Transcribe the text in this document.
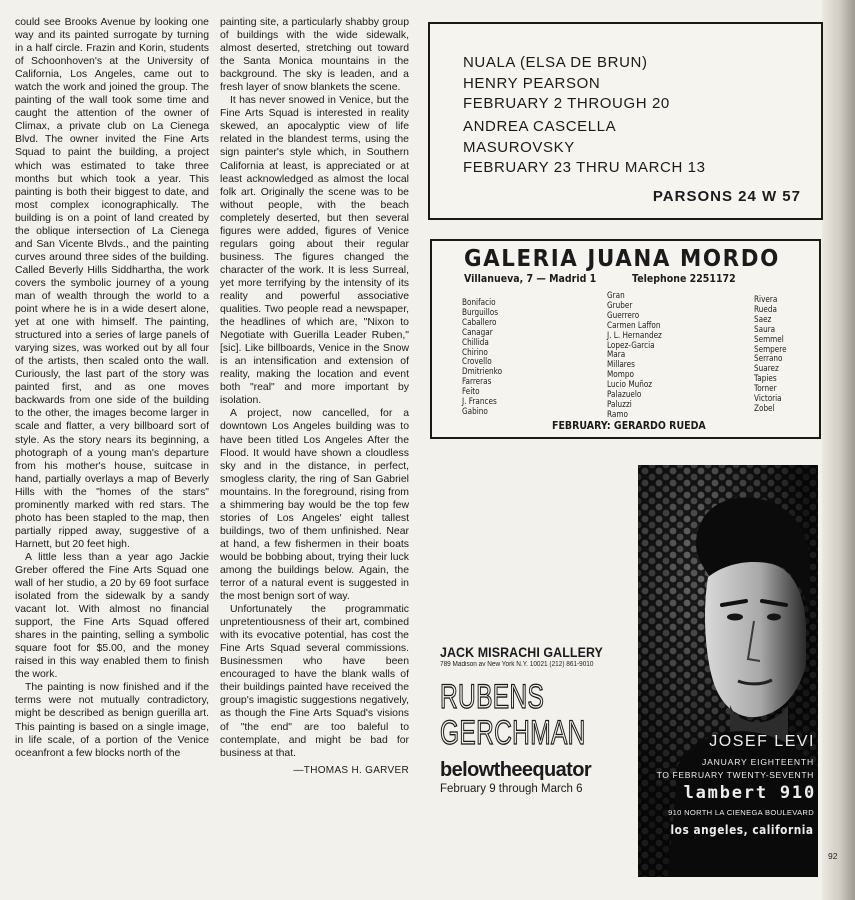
could see Brooks Avenue by looking one way and its painted surrogate by turning in a half circle. Frazin and Korin, students of Schoonhoven's at the University of California, Los Angeles, came out to watch the work and joined the group. The painting of the wall took some time and caught the attention of the owner of Climax, a private club on La Cienega Blvd. The owner invited the Fine Arts Squad to paint the building, a project which was estimated to take three months but which took a year. This painting is both their biggest to date, and most complex iconographically. The building is on a point of land created by the oblique intersection of La Cienega and San Vicente Blvds., and the painting curves around three sides of the building. Called Beverly Hills Siddhartha, the work covers the symbolic journey of a young man of wealth through the world to a point where he is in a wide desert alone, yet at one with himself. The painting, structured into a series of large panels of varying sizes, was worked out by all four of the artists, then scaled onto the wall. Curiously, the last part of the story was painted first, and as one moves backwards from one side of the building to the other, the images become larger in scale and flatter, a very billboard sort of style. As the story nears its beginning, a photograph of a young man's departure from his mother's house, suitcase in hand, partially overlays a map of Beverly Hills with the "homes of the stars" prominently marked with red stars. The photo has been stapled to the map, then partially ripped away, suggestive of a Harnett, but 20 feet high.

A little less than a year ago Jackie Greber offered the Fine Arts Squad one wall of her studio, a 20 by 69 foot surface isolated from the sidewalk by a sandy vacant lot. With almost no financial support, the Fine Arts Squad offered shares in the painting, selling a symbolic square foot for $5.00, and the money raised in this way enabled them to finish the work.

The painting is now finished and if the terms were not mutually contradictory, might be described as benign guerilla art. This painting is based on a single image, in life scale, of a portion of the Venice oceanfront a few blocks north of the

painting site, a particularly shabby group of buildings with the wide sidewalk, almost deserted, stretching out toward the Santa Monica mountains in the background. The sky is leaden, and a fresh layer of snow blankets the scene.

It has never snowed in Venice, but the Fine Arts Squad is interested in reality skewed, an apocalyptic view of life related in the blandest terms, using the sign painter's style which, in Southern California at least, is appreciated or at least acknowledged as almost the local folk art. Originally the scene was to be without people, with the beach completely deserted, but then several figures were added, figures of Venice regulars going about their regular business. The figures changed the character of the work. It is less Surreal, yet more terrifying by the intensity of its reality and powerful associative qualities. Two people read a newspaper, the headlines of which are, "Nixon to Negotiate with Guerilla Leader Ruben," [sic]. Like billboards, Venice in the Snow is an intensification and extension of reality, making the location and event both "real" and more important by isolation.

A project, now cancelled, for a downtown Los Angeles building was to have been titled Los Angeles After the Flood. It would have shown a cloudless sky and in the distance, in perfect, smogless clarity, the ring of San Gabriel mountains. In the foreground, rising from a shimmering bay would be the top few stories of Los Angeles' eight tallest buildings, two of them unfinished. Near at hand, a few fishermen in their boats would be bobbing about, trying their luck among the buildings below. Again, the terror of a natural event is suggested in the most benign sort of way.

Unfortunately the programmatic unpretentiousness of their art, combined with its evocative potential, has cost the Fine Arts Squad several commissions. Businessmen who have been encouraged to have the blank walls of their buildings painted have received the group's imagistic suggestions negatively, as though the Fine Arts Squad's visions of "the end" are too baleful to contemplate, and might be bad for business at that.

—THOMAS H. GARVER

NUALA (ELSA DE BRUN)
HENRY PEARSON
FEBRUARY 2 THROUGH 20
ANDREA CASCELLA
MASUROVSKY
FEBRUARY 23 THRU MARCH 13
PARSONS 24 W 57
GALERIA JUANA MORDO
Villanueva, 7 — Madrid 1	Telephone 2251172
Bonifacio
Burguillos
Caballero
Canagar
Chillida
Chirino
Crovello
Dmitrienko
Farreras
Feito
J. Frances
Gabino
Gran
Gruber
Guerrero
Carmen Laffon
J. L. Hernandez
Lopez-Garcia
Mara
Millares
Mompo
Lucio Muñoz
Palazuelo
Paluzzi
Ramo
Rivera
Rueda
Saez
Saura
Semmel
Sempere
Serrano
Suarez
Tapies
Torner
Victoria
Zobel
FEBRUARY: GERARDO RUEDA
JACK MISRACHI GALLERY
789 Madison av New York N.Y. 10021 (212) 861-9010
RUBENS
GERCHMAN
belowtheequator
February 9 through March 6
JOSEF LEVI
JANUARY EIGHTEENTH
TO FEBRUARY TWENTY-SEVENTH
lambert 910
910 NORTH LA CIENEGA BOULEVARD
los angeles, california
92
